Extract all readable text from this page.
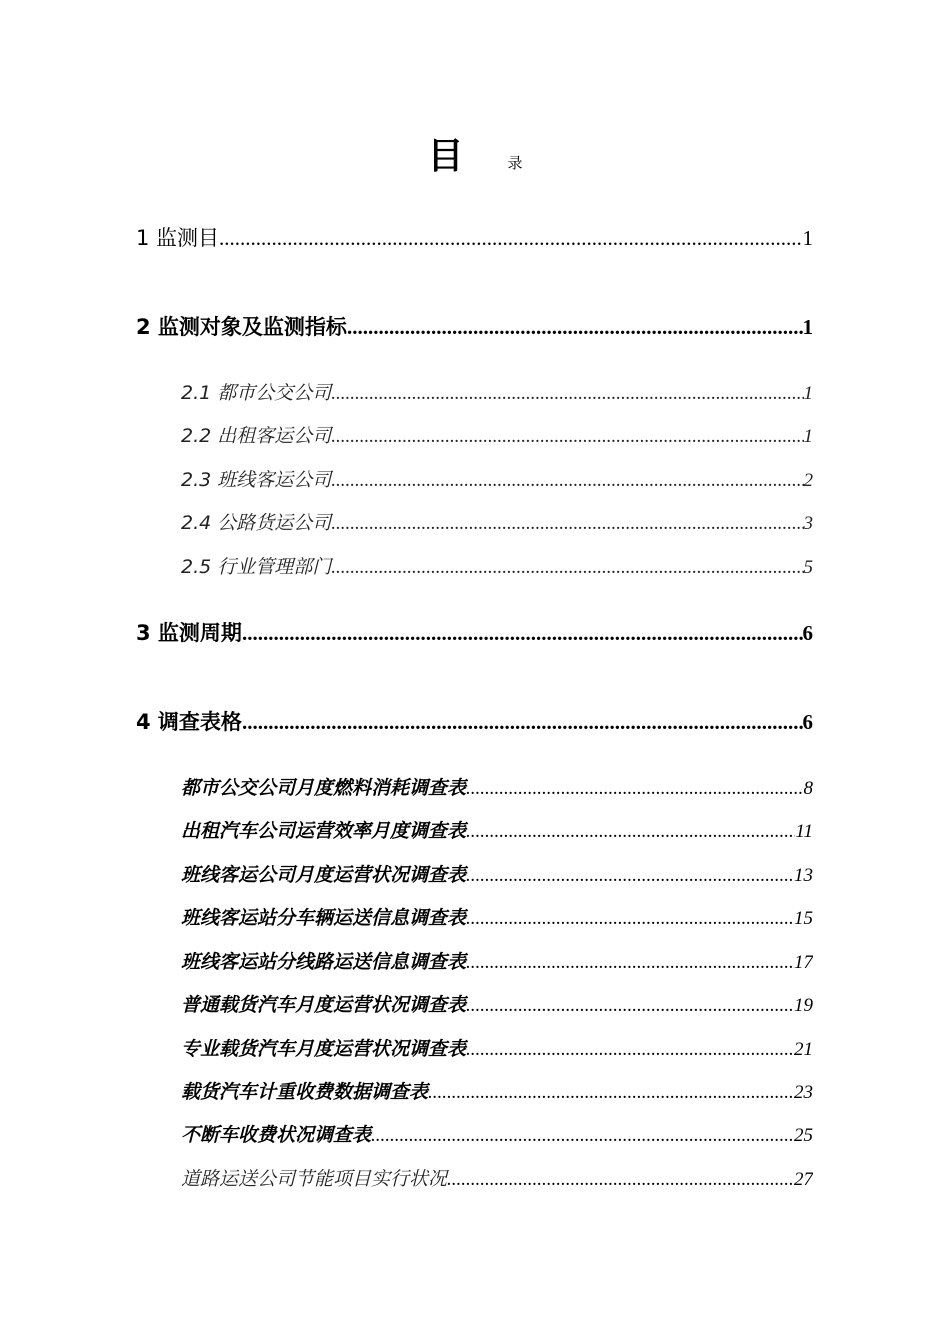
目	录
1 监测目 .....	1
2 监测对象及监测指标 .....	1
2.1 都市公交公司 .....	1
2.2 出租客运公司 .....	1
2.3 班线客运公司 .....	2
2.4 公路货运公司 .....	3
2.5 行业管理部门 .....	5
3 监测周期 .....	6
4 调查表格 .....	6
都市公交公司月度燃料消耗调查表 .....	8
出租汽车公司运营效率月度调查表 .....	11
班线客运公司月度运营状况调查表 .....	13
班线客运站分车辆运送信息调查表 .....	15
班线客运站分线路运送信息调查表 .....	17
普通载货汽车月度运营状况调查表 .....	19
专业载货汽车月度运营状况调查表 .....	21
载货汽车计重收费数据调查表 .....	23
不断车收费状况调查表 .....	25
道路运送公司节能项目实行状况 .....	27
